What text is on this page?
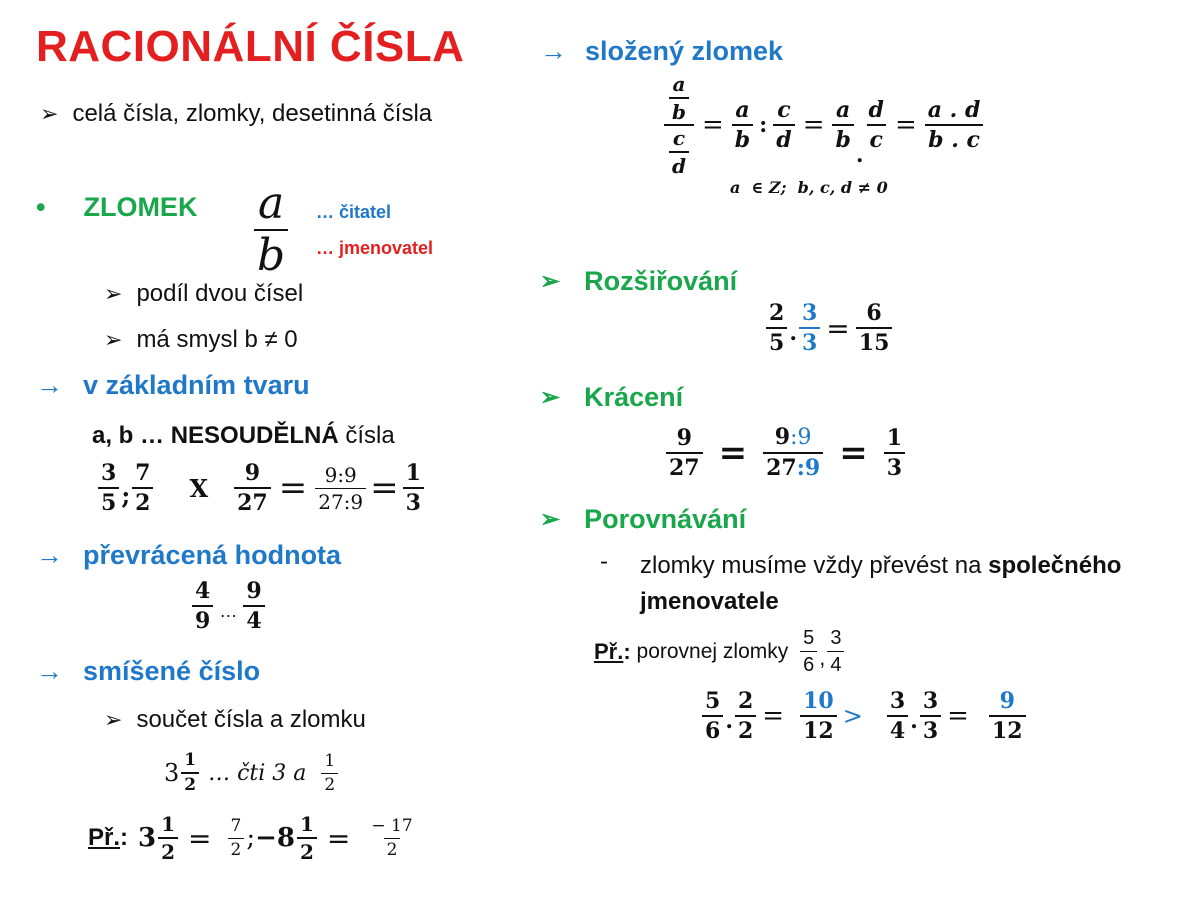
RACIONÁLNÍ ČÍSLA
➢ celá čísla, zlomky, desetinná čísla
• ZLOMEK $\frac{a}{b}$ … čitatel
… jmenovatel
➢ podíl dvou čísel
➢ má smysl b ≠ 0
→ v základním tvaru
a, b … NESOUDĚLNÁ čísla
$\frac{3}{5}$ ; $\frac{7}{2}$ X $\frac{9}{27} = \frac{9:9}{27:9} = \frac{1}{3}$
→ převrácená hodnota
$\frac{4}{9}$ … $\frac{9}{4}$
→ smíšené číslo
➢ součet čísla a zlomku
$3 \frac{1}{2}$ … čti 3 a $\frac{1}{2}$
Př. : $3 \frac{1}{2} = \frac{7}{2}$ ; $-8 \frac{1}{2} = \frac{- 17}{2}$
→ složený zlomek
$\frac{\frac{a}{b}}{\frac{c}{d}} = \frac{a}{b}$ : $\frac{c}{d} = \frac{a}{b}$
.
$\frac{d}{c} = \frac{a . d}{b . c}$
a  ∈ Z;  b, c, d ≠ 0
➢ Rozšiřování
$\frac{2}{5}$ . $\frac{3}{3} = \frac{6}{15}$
➢ Krácení
$\frac{9}{27} = \frac{9:9}{27:9} = \frac{1}{3}$
➢ Porovnávání
- zlomky musíme vždy převést na společného
jmenovatele
Př. : porovnej zlomky $\frac{5}{6}$ , $\frac{3}{4}$
$\frac{5}{6}$ . $\frac{2}{2} = \frac{10}{12} > \frac{3}{4}$ . $\frac{3}{3} = \frac{9}{12}$
